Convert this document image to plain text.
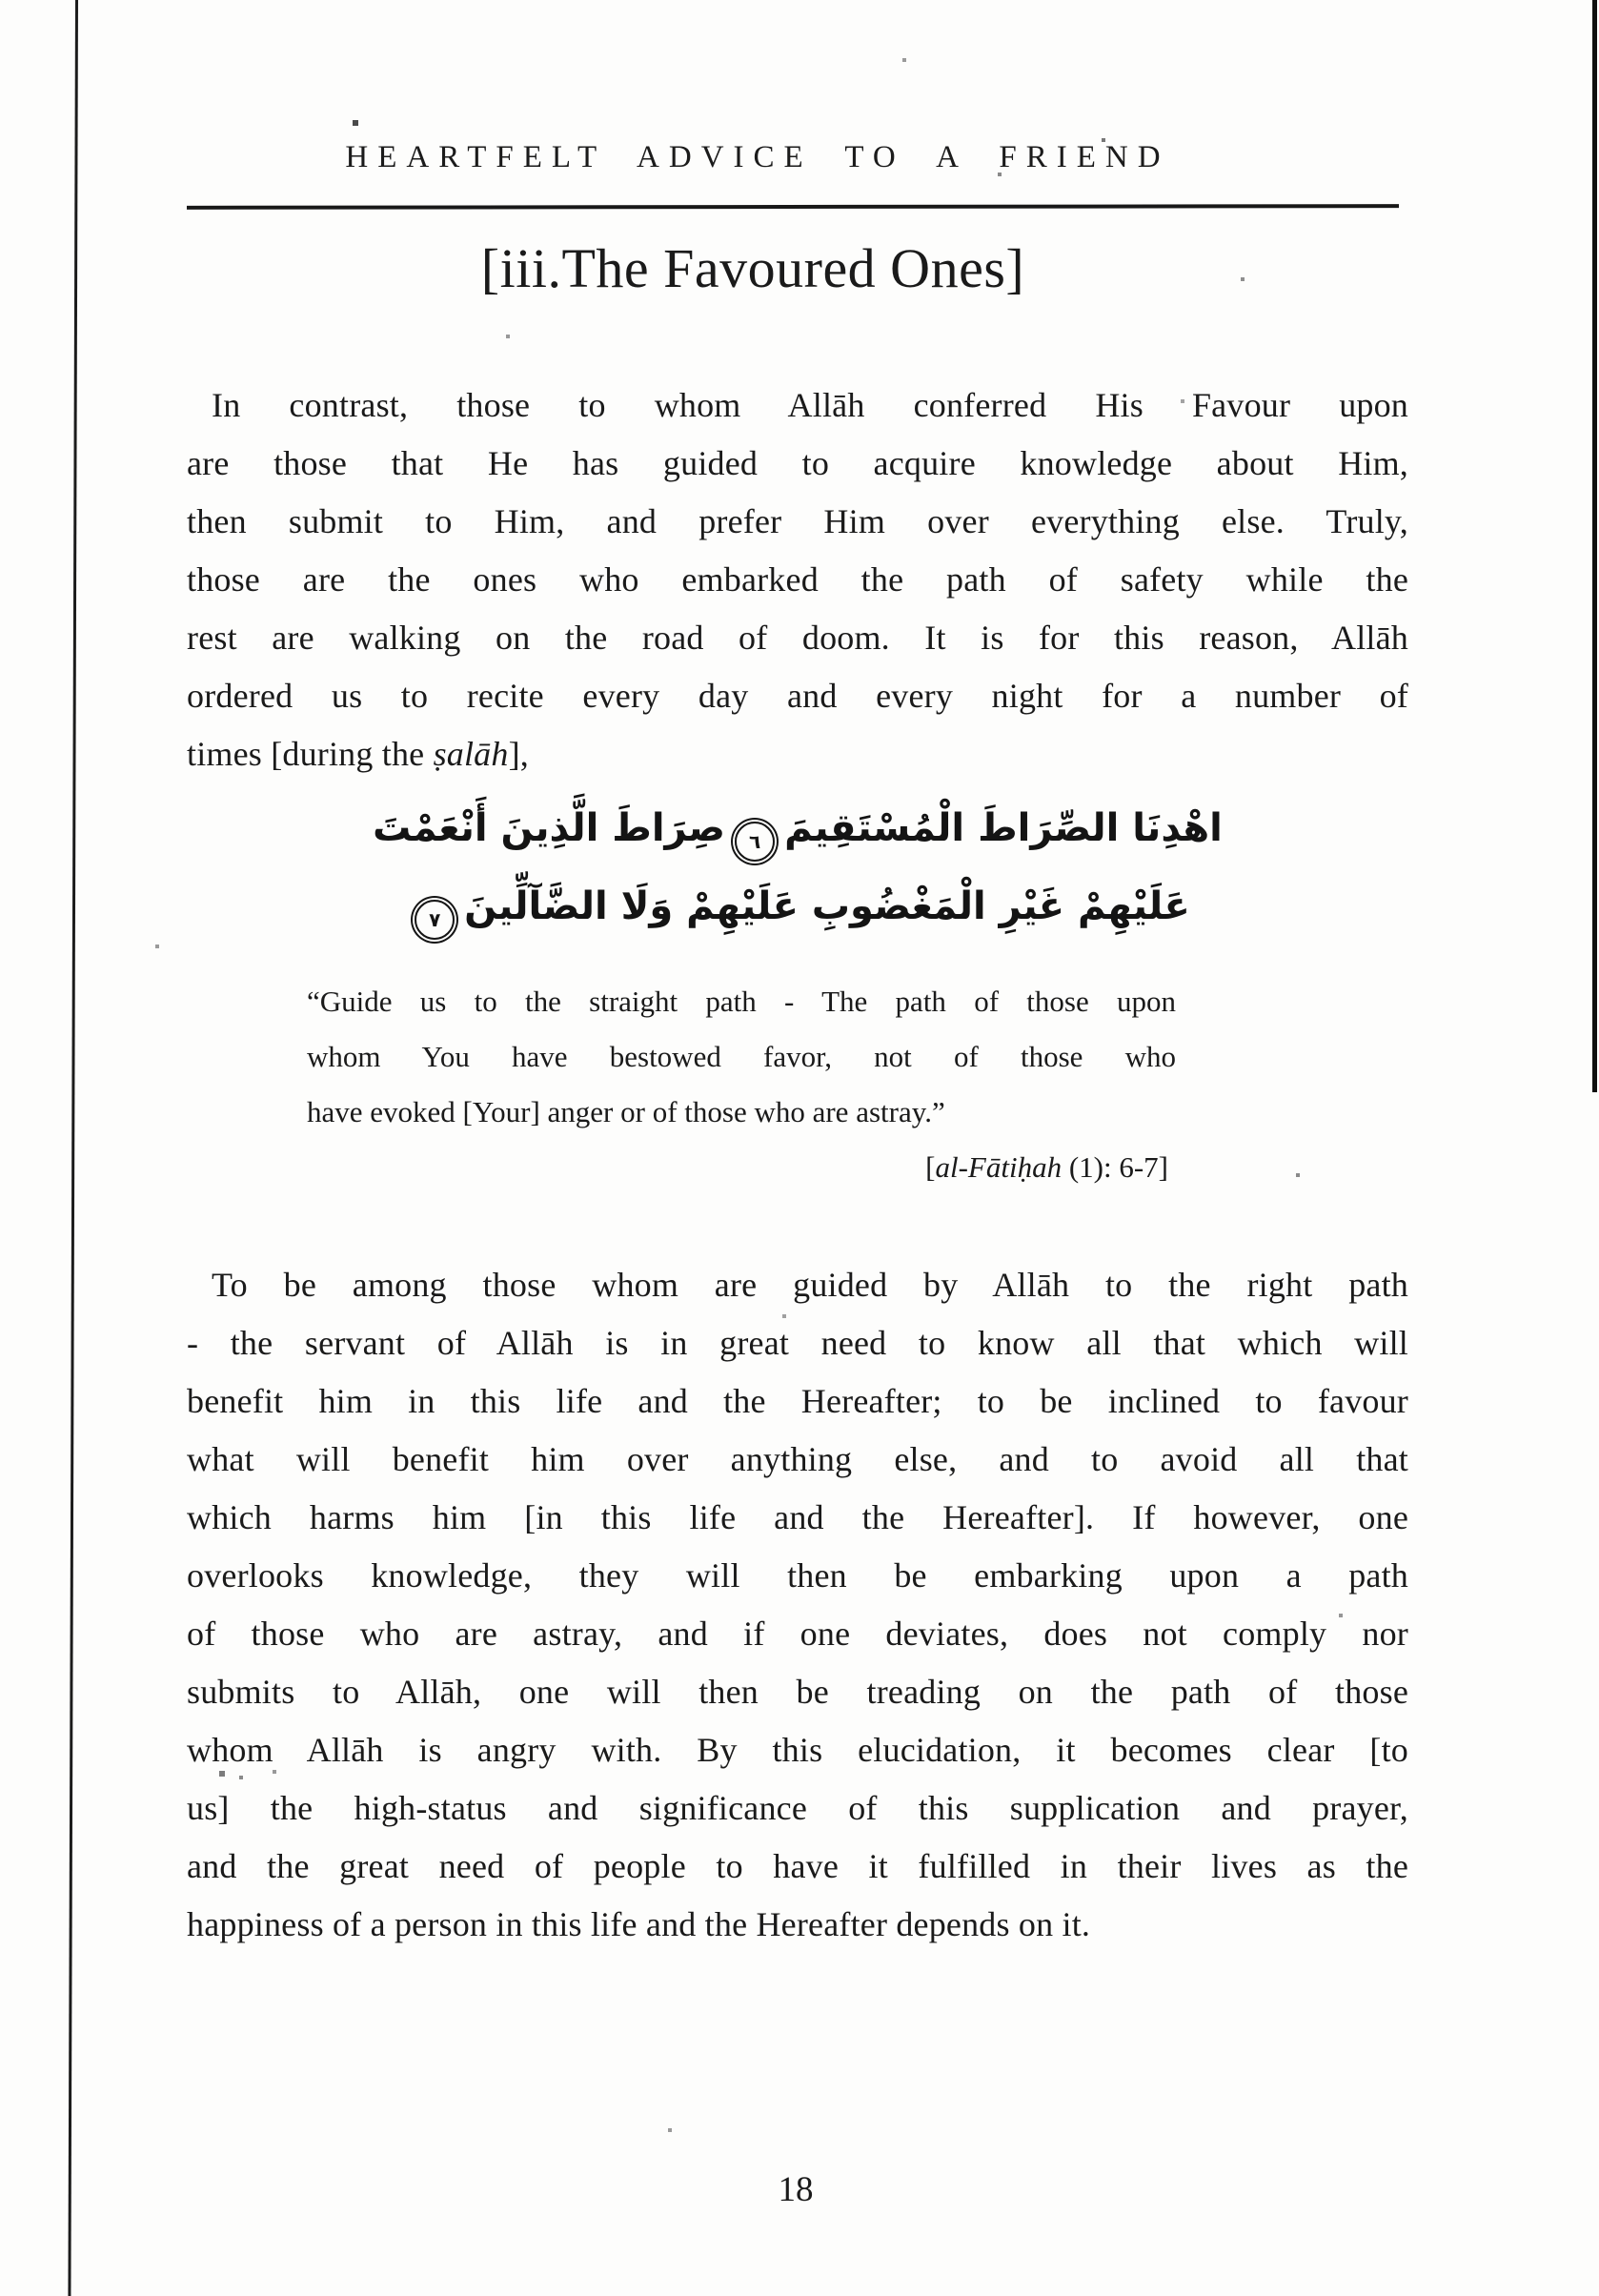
HEARTFELT ADVICE TO A FRIEND
[iii.The Favoured Ones]

In contrast, those to whom Allāh conferred His Favour upon
are those that He has guided to acquire knowledge about Him,
then submit to Him, and prefer Him over everything else. Truly,
those are the ones who embarked the path of safety while the
rest are walking on the road of doom. It is for this reason, Allāh
ordered us to recite every day and every night for a number of
times [during the ṣalāh],

اهْدِنَا الصِّرَاطَ الْمُسْتَقِيمَ
٦
صِرَاطَ الَّذِينَ أَنْعَمْتَ
عَلَيْهِمْ غَيْرِ الْمَغْضُوبِ عَلَيْهِمْ وَلَا الضَّآلِّينَ
٧
“Guide us to the straight path - The path of those upon
whom You have bestowed favor, not of those who
have evoked [Your] anger or of those who are astray.”
[al-Fātiḥah (1): 6-7]

To be among those whom are guided by Allāh to the right path
- the servant of Allāh is in great need to know all that which will
benefit him in this life and the Hereafter; to be inclined to favour
what will benefit him over anything else, and to avoid all that
which harms him [in this life and the Hereafter]. If however, one
overlooks knowledge, they will then be embarking upon a path
of those who are astray, and if one deviates, does not comply nor
submits to Allāh, one will then be treading on the path of those
whom Allāh is angry with. By this elucidation, it becomes clear [to
us] the high-status and significance of this supplication and prayer,
and the great need of people to have it fulfilled in their lives as the
happiness of a person in this life and the Hereafter depends on it.

18
